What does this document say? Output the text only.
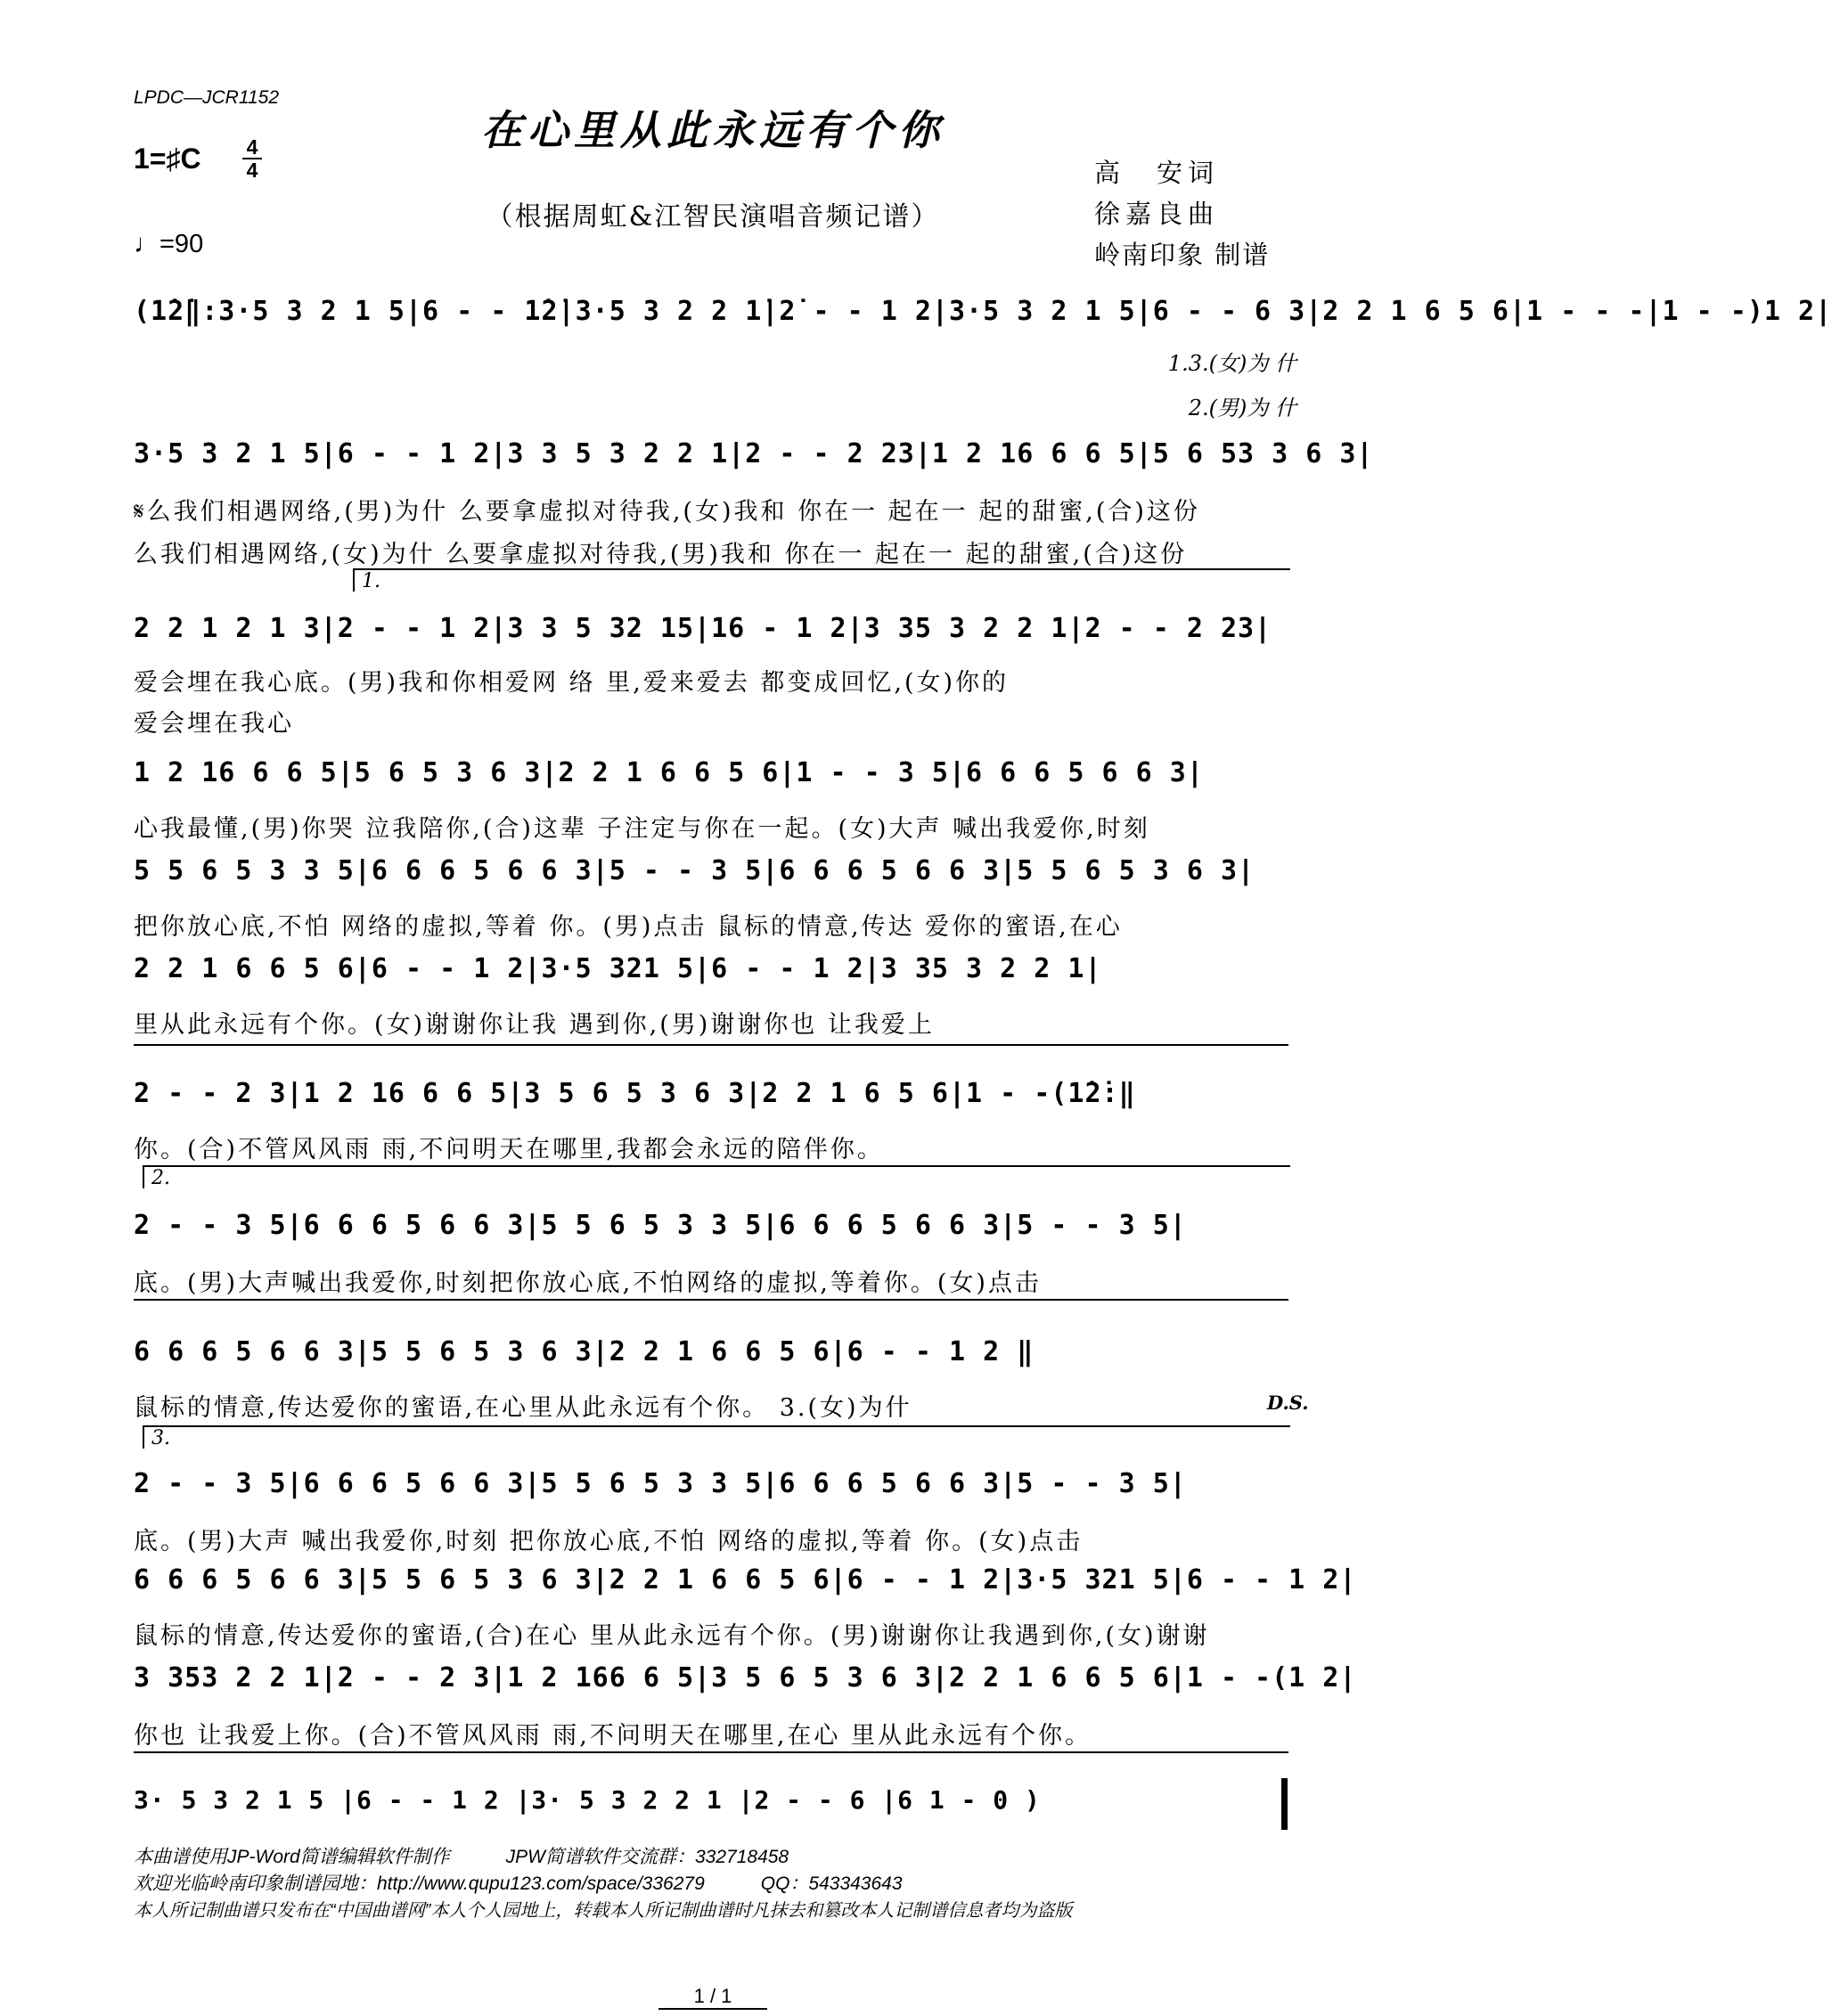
LPDC—JCR1152
在心里从此永远有个你
（根据周虹&江智民演唱音频记谱）
1=♯C 4
4
♩=90
高　安词
徐嘉良曲
岭南印象 制谱
(1̇2̇‖:3·5 3 2 1 5|6 - - 1̇2̇|3·5 3 2 2 1̇|2̇ - - 1 2|3·5 3 2 1 5|6 - - 6 3|2 2 1 6 5 6|1 - - -|1 - -)1 2|
1.3.(女)为 什
2.(男)为 什
3·5 3 2 1 5|6 - - 1 2|3 3 5 3 2 2 1|2 - - 2 23|1 2 16 6 6 5|5 6 53 3 6 3|
𝄋么我们相遇网络,(男)为什 么要拿虚拟对待我,(女)我和 你在一 起在一 起的甜蜜,(合)这份
么我们相遇网络,(女)为什 么要拿虚拟对待我,(男)我和 你在一 起在一 起的甜蜜,(合)这份
1.
2 2 1 2 1 3|2 - - 1 2|3 3 5 32 15|16 - 1 2|3 35 3 2 2 1|2 - - 2 23|
爱会埋在我心底。(男)我和你相爱网 络 里,爱来爱去 都变成回忆,(女)你的
爱会埋在我心
1 2 16 6 6 5|5 6 5 3 6 3|2 2 1 6 6 5 6|1 - - 3 5|6 6 6 5 6 6 3|
心我最懂,(男)你哭 泣我陪你,(合)这辈 子注定与你在一起。(女)大声 喊出我爱你,时刻
5 5 6 5 3 3 5|6 6 6 5 6 6 3|5 - - 3 5|6 6 6 5 6 6 3|5 5 6 5 3 6 3|
把你放心底,不怕 网络的虚拟,等着 你。(男)点击 鼠标的情意,传达 爱你的蜜语,在心
2 2 1 6 6 5 6|6 - - 1 2|3·5 321 5|6 - - 1 2|3 35 3 2 2 1|
里从此永远有个你。(女)谢谢你让我 遇到你,(男)谢谢你也 让我爱上
2 - - 2 3|1 2 16 6 6 5|3 5 6 5 3 6 3|2 2 1 6 5 6|1 - -(1̇2̇:‖
你。(合)不管风风雨 雨,不问明天在哪里,我都会永远的陪伴你。
2.
2 - - 3 5|6 6 6 5 6 6 3|5 5 6 5 3 3 5|6 6 6 5 6 6 3|5 - - 3 5|
底。(男)大声喊出我爱你,时刻把你放心底,不怕网络的虚拟,等着你。(女)点击
6 6 6 5 6 6 3|5 5 6 5 3 6 3|2 2 1 6 6 5 6|6 - - 1 2 ‖
鼠标的情意,传达爱你的蜜语,在心里从此永远有个你。 3.(女)为什	D.S.
3.
2 - - 3 5|6 6 6 5 6 6 3|5 5 6 5 3 3 5|6 6 6 5 6 6 3|5 - - 3 5|
底。(男)大声 喊出我爱你,时刻 把你放心底,不怕 网络的虚拟,等着 你。(女)点击
6 6 6 5 6 6 3|5 5 6 5 3 6 3|2 2 1 6 6 5 6|6 - - 1 2|3·5 321 5|6 - - 1 2|
鼠标的情意,传达爱你的蜜语,(合)在心 里从此永远有个你。(男)谢谢你让我遇到你,(女)谢谢
3 353 2 2 1|2 - - 2 3|1 2 166 6 5|3 5 6 5 3 6 3|2 2 1 6 6 5 6|1 - -(1 2|
你也 让我爱上你。(合)不管风风雨 雨,不问明天在哪里,在心 里从此永远有个你。
3· 5 3 2 1 5 |6 - - 1 2 |3· 5 3 2 2 1 |2 - - 6 |6 1 - 0 )
本曲谱使用JP-Word简谱编辑软件制作　　　JPW简谱软件交流群：332718458
欢迎光临岭南印象制谱园地：http://www.qupu123.com/space/336279　　　QQ：543343643
本人所记制曲谱只发布在“中国曲谱网”本人个人园地上，转载本人所记制曲谱时凡抹去和篡改本人记制谱信息者均为盗版
1 / 1
